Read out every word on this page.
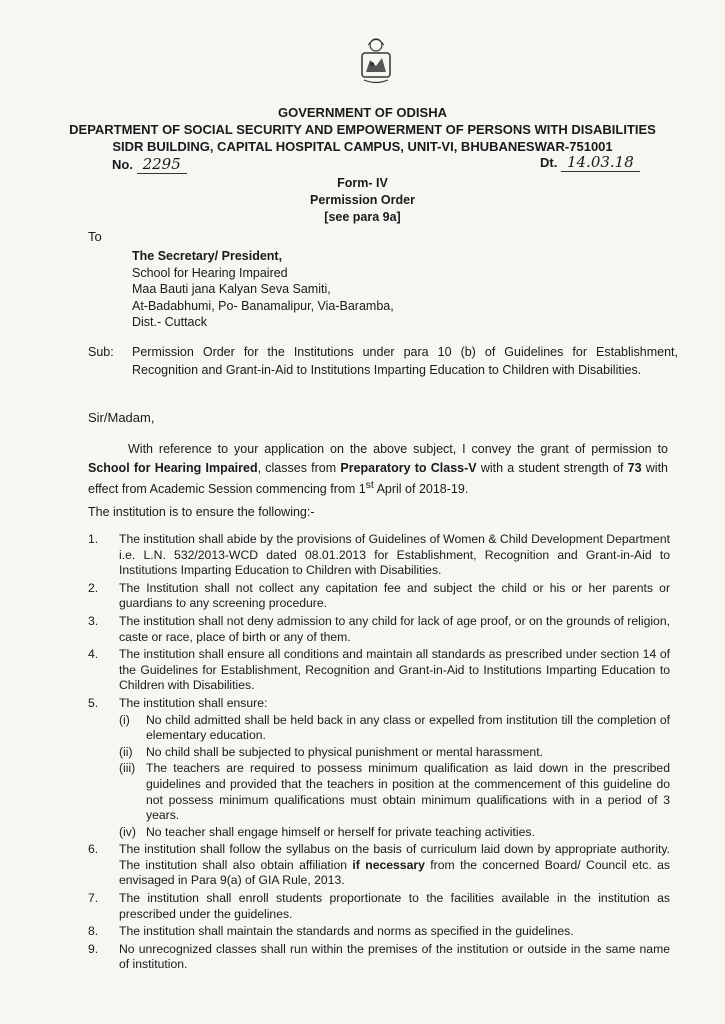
GOVERNMENT OF ODISHA
DEPARTMENT OF SOCIAL SECURITY AND EMPOWERMENT OF PERSONS WITH DISABILITIES
SIDR BUILDING, CAPITAL HOSPITAL CAMPUS, UNIT-VI, BHUBANESWAR-751001
No. 2295	Dt. 14.03.18
Form- IV
Permission Order
[see para 9a]
To
The Secretary/ President,
School for Hearing Impaired
Maa Bauti jana Kalyan Seva Samiti,
At-Badabhumi, Po- Banamalipur, Via-Baramba,
Dist.- Cuttack
Sub: Permission Order for the Institutions under para 10 (b) of Guidelines for Establishment, Recognition and Grant-in-Aid to Institutions Imparting Education to Children with Disabilities.
Sir/Madam,
With reference to your application on the above subject, I convey the grant of permission to School for Hearing Impaired, classes from Preparatory to Class-V with a student strength of 73 with effect from Academic Session commencing from 1st April of 2018-19.
The institution is to ensure the following:-
1. The institution shall abide by the provisions of Guidelines of Women & Child Development Department i.e. L.N. 532/2013-WCD dated 08.01.2013 for Establishment, Recognition and Grant-in-Aid to Institutions Imparting Education to Children with Disabilities.
2. The Institution shall not collect any capitation fee and subject the child or his or her parents or guardians to any screening procedure.
3. The institution shall not deny admission to any child for lack of age proof, or on the grounds of religion, caste or race, place of birth or any of them.
4. The institution shall ensure all conditions and maintain all standards as prescribed under section 14 of the Guidelines for Establishment, Recognition and Grant-in-Aid to Institutions Imparting Education to Children with Disabilities.
5. The institution shall ensure:
(i) No child admitted shall be held back in any class or expelled from institution till the completion of elementary education.
(ii) No child shall be subjected to physical punishment or mental harassment.
(iii) The teachers are required to possess minimum qualification as laid down in the prescribed guidelines and provided that the teachers in position at the commencement of this guideline do not possess minimum qualifications must obtain minimum qualifications with in a period of 3 years.
(iv) No teacher shall engage himself or herself for private teaching activities.
6. The institution shall follow the syllabus on the basis of curriculum laid down by appropriate authority. The institution shall also obtain affiliation if necessary from the concerned Board/ Council etc. as envisaged in Para 9(a) of GIA Rule, 2013.
7. The institution shall enroll students proportionate to the facilities available in the institution as prescribed under the guidelines.
8. The institution shall maintain the standards and norms as specified in the guidelines.
9. No unrecognized classes shall run within the premises of the institution or outside in the same name of institution.
